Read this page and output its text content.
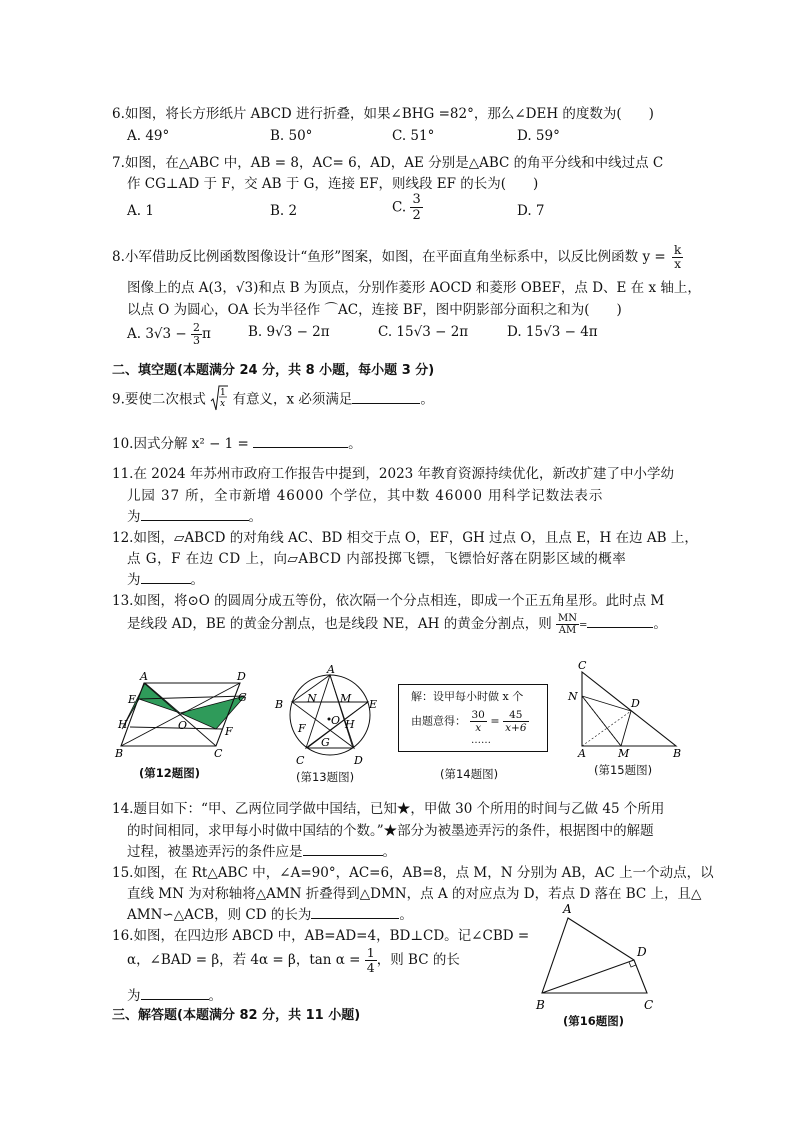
6.如图，将长方形纸片 ABCD 进行折叠，如果∠BHG =82°，那么∠DEH 的度数为(　　)
A. 49°	B. 50°	C. 51°	D. 59°
7.如图，在△ABC 中，AB = 8，AC= 6，AD，AE 分别是△ABC 的角平分线和中线过点 C
作 CG⊥AD 于 F，交 AB 于 G，连接 EF，则线段 EF 的长为(　　)
A. 1	B. 2	C. $\frac{3}{2}$	D. 7
8.小军借助反比例函数图像设计“鱼形”图案，如图，在平面直角坐标系中，以反比例函数 $y = \frac{k}{x}$
图像上的点 A(3，√3)和点 B 为顶点，分别作菱形 AOCD 和菱形 OBEF，点 D、E 在 x 轴上，
以点 O 为圆心，OA 长为半径作 ⌒AC，连接 BF，图中阴影部分面积之和为(　　)
A. $3√3 - \frac{2}{3}$ π	B. 9√3 − 2π	C. 15√3 − 2π	D. 15√3 − 4π
二、填空题(本题满分 24 分，共 8 小题，每小题 3 分)
9.要使二次根式 1
x 有意义，x 必须满足	。
10.因式分解 x² − 1 =	。
11.在 2024 年苏州市政府工作报告中提到，2023 年教育资源持续优化，新改扩建了中小学幼
儿园 37 所，全市新增 46000 个学位，其中数 46000 用科学记数法表示
为	。
12.如图，▱ABCD 的对角线 AC、BD 相交于点 O，EF，GH 过点 O，且点 E，H 在边 AB 上，
点 G，F 在边 CD 上，向▱ABCD 内部投掷飞镖，飞镖恰好落在阴影区域的概率
为	。
13.如图，将⊙O 的圆周分成五等份，依次隔一个分点相连，即成一个正五角星形。此时点 M
是线段 AD，BE 的黄金分割点，也是线段 NE，AH 的黄金分割点，则 $\frac{MN}{AM}$ =	。
A	D
E	G
H	O	F
B	C
(第12题图)
A
B	E
N M
O H
F
G
C	D
(第13题图)
解：设甲每小时做 x 个
由题意得： $\frac{30}{x} = \frac{45}{x+6}$
……
(第14题图)
C
N
D
A	M	B
(第15题图)
14.题目如下：“甲、乙两位同学做中国结，已知★，甲做 30 个所用的时间与乙做 45 个所用
的时间相同，求甲每小时做中国结的个数。”★部分为被墨迹弄污的条件，根据图中的解题
过程，被墨迹弄污的条件应是	。
15.如图，在 Rt△ABC 中，∠A=90°，AC=6，AB=8，点 M，N 分别为 AB，AC 上一个动点，以
直线 MN 为对称轴将△AMN 折叠得到△DMN，点 A 的对应点为 D，若点 D 落在 BC 上，且△
AMN∽△ACB，则 CD 的长为	。
16.如图，在四边形 ABCD 中，AB=AD=4，BD⊥CD。记∠CBD =
α，∠BAD = β，若 4α = β，$\tan \alpha = \frac{1}{4}$ ，则 BC 的长
为	。
A
D
B	C
(第16题图)
三、解答题(本题满分 82 分，共 11 小题)
